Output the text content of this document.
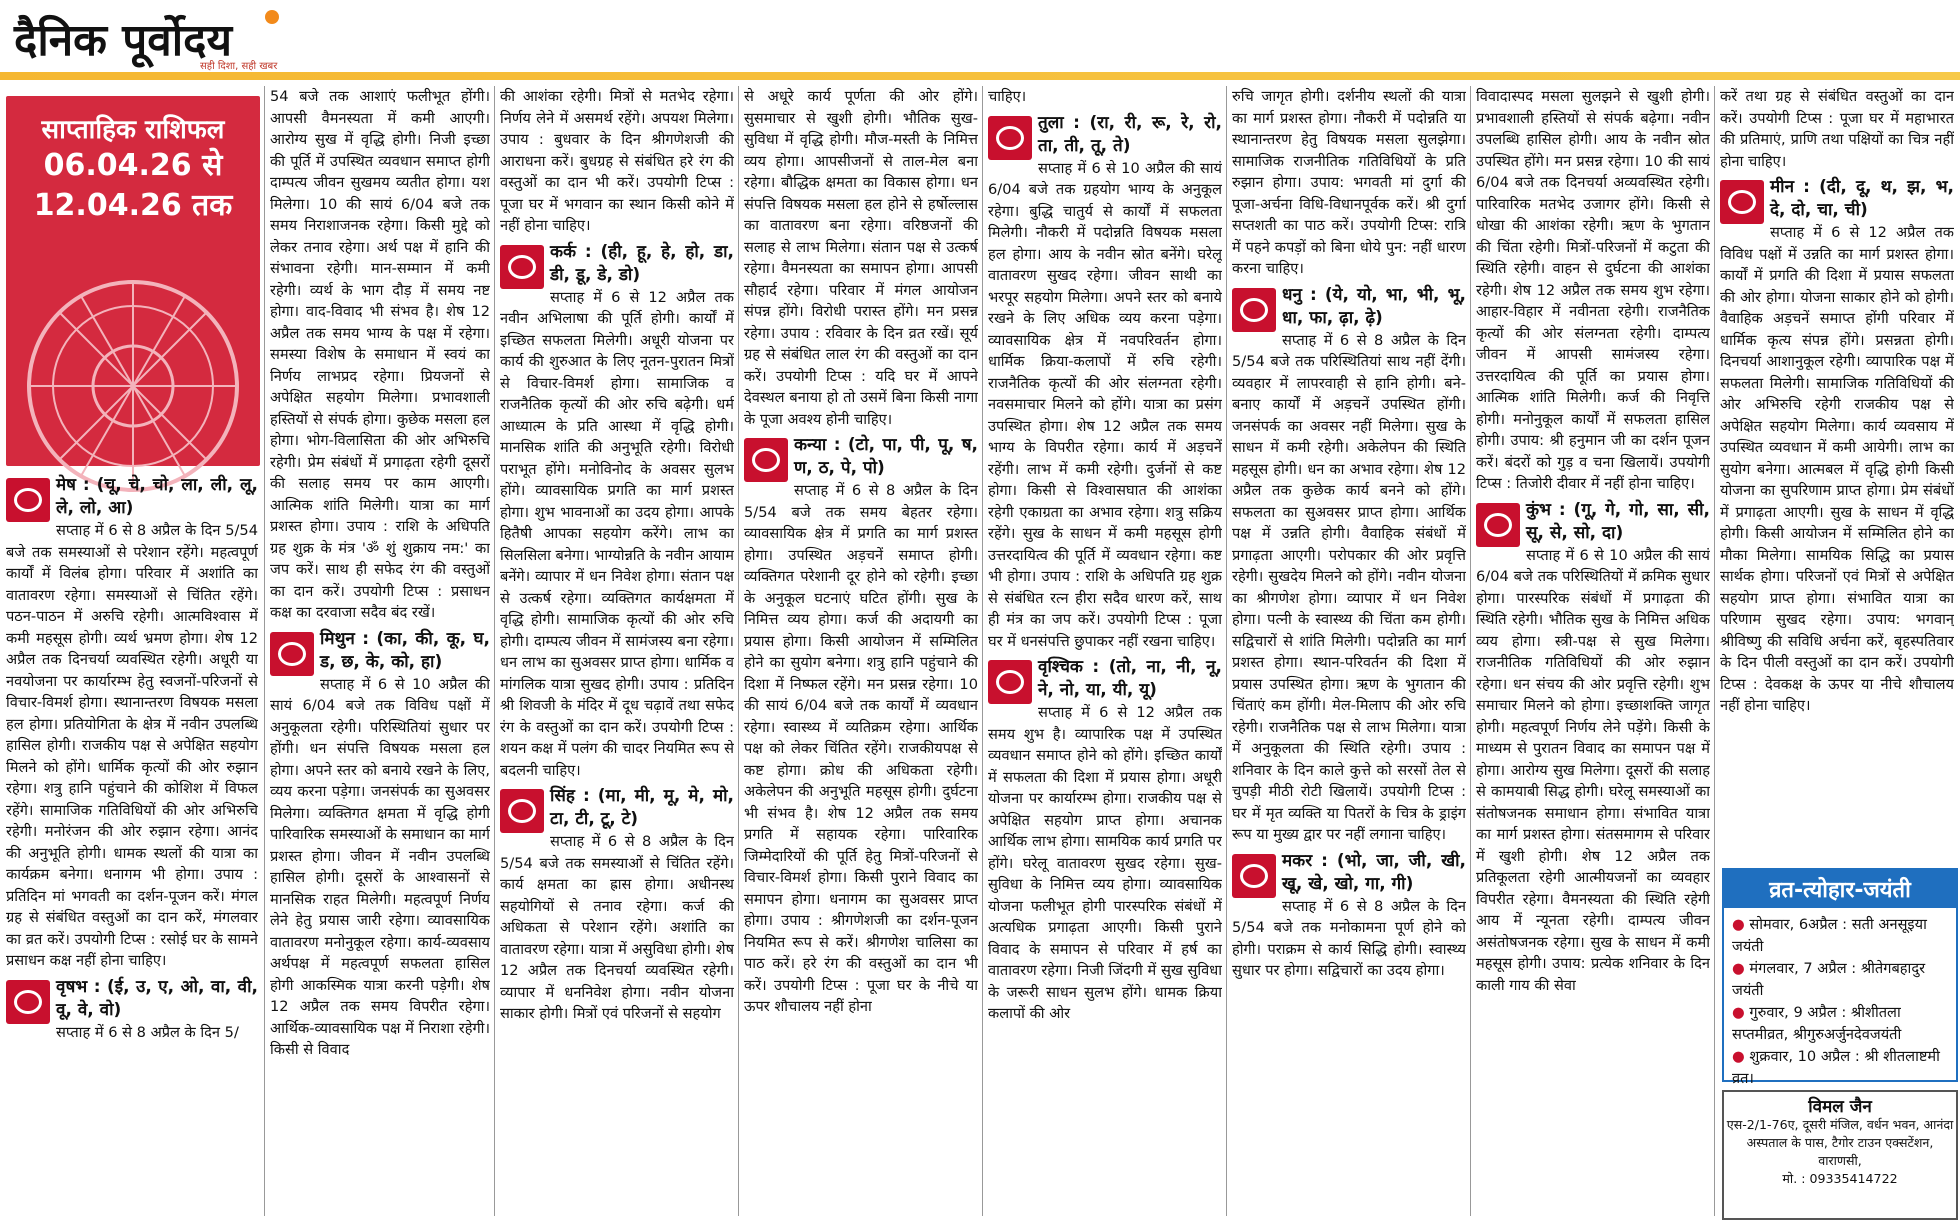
दैनिक पूर्वोदय
सही दिशा, सही खबर
साप्ताहिक राशिफल
06.04.26 से
12.04.26 तक
मेष : (चू, चे, चो, ला, ली, लू, ले, लो, आ)

सप्ताह में 6 से 8 अप्रैल के दिन 5/54 बजे तक समस्याओं से परेशान रहेंगे। महत्वपूर्ण कार्यों में विलंब होगा। परिवार में अशांति का वातावरण रहेगा। समस्याओं से चिंतित रहेंगे। पठन-पाठन में अरुचि रहेगी। आत्मविश्वास में कमी महसूस होगी। व्यर्थ भ्रमण होगा। शेष 12 अप्रैल तक दिनचर्या व्यवस्थित रहेगी। अधूरी या नवयोजना पर कार्यारम्भ हेतु स्वजनों-परिजनों से विचार-विमर्श होगा। स्थानान्तरण विषयक मसला हल होगा। प्रतियोगिता के क्षेत्र में नवीन उपलब्धि हासिल होगी। राजकीय पक्ष से अपेक्षित सहयोग मिलने को होंगे। धार्मिक कृत्यों की ओर रुझान रहेगा। शत्रु हानि पहुंचाने की कोशिश में विफल रहेंगे। सामाजिक गतिविधियों की ओर अभिरुचि रहेगी। मनोरंजन की ओर रुझान रहेगा। आनंद की अनुभूति होगी। धामक स्थलों की यात्रा का कार्यक्रम बनेगा। धनागम भी होगा। उपाय : प्रतिदिन मां भगवती का दर्शन-पूजन करें। मंगल ग्रह से संबंधित वस्तुओं का दान करें, मंगलवार का व्रत करें। उपयोगी टिप्स : रसोई घर के सामने प्रसाधन कक्ष नहीं होना चाहिए।

वृषभ : (ई, उ, ए, ओ, वा, वी, वू, वे, वो)

सप्ताह में 6 से 8 अप्रैल के दिन 5/

54 बजे तक आशाएं फलीभूत होंगी। आपसी वैमनस्यता में कमी आएगी। आरोग्य सुख में वृद्धि होगी। निजी इच्छा की पूर्ति में उपस्थित व्यवधान समाप्त होगी दाम्पत्य जीवन सुखमय व्यतीत होगा। यश मिलेगा। 10 की सायं 6/04 बजे तक समय निराशाजनक रहेगा। किसी मुद्दे को लेकर तनाव रहेगा। अर्थ पक्ष में हानि की संभावना रहेगी। मान-सम्मान में कमी रहेगी। व्यर्थ के भाग दौड़ में समय नष्ट होगा। वाद-विवाद भी संभव है। शेष 12 अप्रैल तक समय भाग्य के पक्ष में रहेगा। समस्या विशेष के समाधान में स्वयं का निर्णय लाभप्रद रहेगा। प्रियजनों से अपेक्षित सहयोग मिलेगा। प्रभावशाली हस्तियों से संपर्क होगा। कुछेक मसला हल होगा। भोग-विलासिता की ओर अभिरुचि रहेगी। प्रेम संबंधों में प्रगाढ़ता रहेगी दूसरों की सलाह समय पर काम आएगी। आत्मिक शांति मिलेगी। यात्रा का मार्ग प्रशस्त होगा। उपाय : राशि के अधिपति ग्रह शुक्र के मंत्र 'ॐ शुं शुक्राय नम:' का जप करें। साथ ही सफेद रंग की वस्तुओं का दान करें। उपयोगी टिप्स : प्रसाधन कक्ष का दरवाजा सदैव बंद रखें।

मिथुन : (का, की, कू, घ, ड, छ, के, को, हा)

सप्ताह में 6 से 10 अप्रैल की सायं 6/04 बजे तक विविध पक्षों में अनुकूलता रहेगी। परिस्थितियां सुधार पर होंगी। धन संपत्ति विषयक मसला हल होगा। अपने स्तर को बनाये रखने के लिए, व्यय करना पड़ेगा। जनसंपर्क का सुअवसर मिलेगा। व्यक्तिगत क्षमता में वृद्धि होगी पारिवारिक समस्याओं के समाधान का मार्ग प्रशस्त होगा। जीवन में नवीन उपलब्धि हासिल होगी। दूसरों के आश्वासनों से मानसिक राहत मिलेगी। महत्वपूर्ण निर्णय लेने हेतु प्रयास जारी रहेगा। व्यावसायिक वातावरण मनोनुकूल रहेगा। कार्य-व्यवसाय अर्थपक्ष में महत्वपूर्ण सफलता हासिल होगी आकस्मिक यात्रा करनी पड़ेगी। शेष 12 अप्रैल तक समय विपरीत रहेगा। आर्थिक-व्यावसायिक पक्ष में निराशा रहेगी। किसी से विवाद

की आशंका रहेगी। मित्रों से मतभेद रहेगा। निर्णय लेने में असमर्थ रहेंगे। अपयश मिलेगा। उपाय : बुधवार के दिन श्रीगणेशजी की आराधना करें। बुधग्रह से संबंधित हरे रंग की वस्तुओं का दान भी करें। उपयोगी टिप्स : पूजा घर में भगवान का स्थान किसी कोने में नहीं होना चाहिए।

कर्क : (ही, हू, हे, हो, डा, डी, डू, डे, डो)

सप्ताह में 6 से 12 अप्रैल तक नवीन अभिलाषा की पूर्ति होगी। कार्यों में इच्छित सफलता मिलेगी। अधूरी योजना पर कार्य की शुरुआत के लिए नूतन-पुरातन मित्रों से विचार-विमर्श होगा। सामाजिक व राजनैतिक कृत्यों की ओर रुचि बढ़ेगी। धर्म आध्यात्म के प्रति आस्था में वृद्धि होगी। मानसिक शांति की अनुभूति रहेगी। विरोधी पराभूत होंगे। मनोविनोद के अवसर सुलभ होंगे। व्यावसायिक प्रगति का मार्ग प्रशस्त होगा। शुभ भावनाओं का उदय होगा। आपके हितैषी आपका सहयोग करेंगे। लाभ का सिलसिला बनेगा। भाग्योन्नति के नवीन आयाम बनेंगे। व्यापार में धन निवेश होगा। संतान पक्ष से उत्कर्ष रहेगा। व्यक्तिगत कार्यक्षमता में वृद्धि होगी। सामाजिक कृत्यों की ओर रुचि होगी। दाम्पत्य जीवन में सामंजस्य बना रहेगा। धन लाभ का सुअवसर प्राप्त होगा। धार्मिक व मांगलिक यात्रा सुखद होगी। उपाय : प्रतिदिन श्री शिवजी के मंदिर में दूध चढ़ावें तथा सफेद रंग के वस्तुओं का दान करें। उपयोगी टिप्स : शयन कक्ष में पलंग की चादर नियमित रूप से बदलनी चाहिए।

सिंह : (मा, मी, मू, मे, मो, टा, टी, टू, टे)

सप्ताह में 6 से 8 अप्रैल के दिन 5/54 बजे तक समस्याओं से चिंतित रहेंगे। कार्य क्षमता का ह्रास होगा। अधीनस्थ सहयोगियों से तनाव रहेगा। कर्ज की अधिकता से परेशान रहेंगे। अशांति का वातावरण रहेगा। यात्रा में असुविधा होगी। शेष 12 अप्रैल तक दिनचर्या व्यवस्थित रहेगी। व्यापार में धननिवेश होगा। नवीन योजना साकार होगी। मित्रों एवं परिजनों से सहयोग

से अधूरे कार्य पूर्णता की ओर होंगे। सुसमाचार से खुशी होगी। भौतिक सुख-सुविधा में वृद्धि होगी। मौज-मस्ती के निमित्त व्यय होगा। आपसीजनों से ताल-मेल बना रहेगा। बौद्धिक क्षमता का विकास होगा। धन संपत्ति विषयक मसला हल होने से हर्षोल्लास का वातावरण बना रहेगा। वरिष्ठजनों की सलाह से लाभ मिलेगा। संतान पक्ष से उत्कर्ष रहेगा। वैमनस्यता का समापन होगा। आपसी सौहार्द रहेगा। परिवार में मंगल आयोजन संपन्न होंगे। विरोधी परास्त होंगे। मन प्रसन्न रहेगा। उपाय : रविवार के दिन व्रत रखें। सूर्य ग्रह से संबंधित लाल रंग की वस्तुओं का दान करें। उपयोगी टिप्स : यदि घर में आपने देवस्थल बनाया हो तो उसमें बिना किसी नागा के पूजा अवश्य होनी चाहिए।

कन्या : (टो, पा, पी, पू, ष, ण, ठ, पे, पो)

सप्ताह में 6 से 8 अप्रैल के दिन 5/54 बजे तक समय बेहतर रहेगा। व्यावसायिक क्षेत्र में प्रगति का मार्ग प्रशस्त होगा। उपस्थित अड़चनें समाप्त होगी। व्यक्तिगत परेशानी दूर होने को रहेगी। इच्छा के अनुकूल घटनाएं घटित होंगी। सुख के निमित्त व्यय होगा। कर्ज की अदायगी का प्रयास होगा। किसी आयोजन में सम्मिलित होने का सुयोग बनेगा। शत्रु हानि पहुंचाने की दिशा में निष्फल रहेंगे। मन प्रसन्न रहेगा। 10 की सायं 6/04 बजे तक कार्यों में व्यवधान रहेगा। स्वास्थ्य में व्यतिक्रम रहेगा। आर्थिक पक्ष को लेकर चिंतित रहेंगे। राजकीयपक्ष से कष्ट होगा। क्रोध की अधिकता रहेगी। अकेलेपन की अनुभूति महसूस होगी। दुर्घटना भी संभव है। शेष 12 अप्रैल तक समय प्रगति में सहायक रहेगा। पारिवारिक जिम्मेदारियों की पूर्ति हेतु मित्रों-परिजनों से विचार-विमर्श होगा। किसी पुराने विवाद का समापन होगा। धनागम का सुअवसर प्राप्त होगा। उपाय : श्रीगणेशजी का दर्शन-पूजन नियमित रूप से करें। श्रीगणेश चालिसा का पाठ करें। हरे रंग की वस्तुओं का दान भी करें। उपयोगी टिप्स : पूजा घर के नीचे या ऊपर शौचालय नहीं होना

चाहिए।

तुला : (रा, री, रू, रे, रो, ता, ती, तू, ते)

सप्ताह में 6 से 10 अप्रैल की सायं 6/04 बजे तक ग्रहयोग भाग्य के अनुकूल रहेगा। बुद्धि चातुर्य से कार्यों में सफलता मिलेगी। नौकरी में पदोन्नति विषयक मसला हल होगा। आय के नवीन स्रोत बनेंगे। घरेलू वातावरण सुखद रहेगा। जीवन साथी का भरपूर सहयोग मिलेगा। अपने स्तर को बनाये रखने के लिए अधिक व्यय करना पड़ेगा। व्यावसायिक क्षेत्र में नवपरिवर्तन होगा। धार्मिक क्रिया-कलापों में रुचि रहेगी। राजनैतिक कृत्यों की ओर संलग्नता रहेगी। नवसमाचार मिलने को होंगे। यात्रा का प्रसंग उपस्थित होगा। शेष 12 अप्रैल तक समय भाग्य के विपरीत रहेगा। कार्य में अड़चनें रहेंगी। लाभ में कमी रहेगी। दुर्जनों से कष्ट होगा। किसी से विश्वासघात की आशंका रहेगी एकाग्रता का अभाव रहेगा। शत्रु सक्रिय रहेंगे। सुख के साधन में कमी महसूस होगी उत्तरदायित्व की पूर्ति में व्यवधान रहेगा। कष्ट भी होगा। उपाय : राशि के अधिपति ग्रह शुक्र से संबंधित रत्न हीरा सदैव धारण करें, साथ ही मंत्र का जप करें। उपयोगी टिप्स : पूजा घर में धनसंपत्ति छुपाकर नहीं रखना चाहिए।

वृश्चिक : (तो, ना, नी, नू, ने, नो, या, यी, यू)

सप्ताह में 6 से 12 अप्रैल तक समय शुभ है। व्यापारिक पक्ष में उपस्थित व्यवधान समाप्त होने को होंगे। इच्छित कार्यों में सफलता की दिशा में प्रयास होगा। अधूरी योजना पर कार्यारम्भ होगा। राजकीय पक्ष से अपेक्षित सहयोग प्राप्त होगा। अचानक आर्थिक लाभ होगा। सामयिक कार्य प्रगति पर होंगे। घरेलू वातावरण सुखद रहेगा। सुख-सुविधा के निमित्त व्यय होगा। व्यावसायिक योजना फलीभूत होगी पारस्परिक संबंधों में अत्यधिक प्रगाढ़ता आएगी। किसी पुराने विवाद के समापन से परिवार में हर्ष का वातावरण रहेगा। निजी जिंदगी में सुख सुविधा के जरूरी साधन सुलभ होंगे। धामक क्रिया कलापों की ओर

रुचि जागृत होगी। दर्शनीय स्थलों की यात्रा का मार्ग प्रशस्त होगा। नौकरी में पदोन्नति या स्थानान्तरण हेतु विषयक मसला सुलझेगा। सामाजिक राजनीतिक गतिविधियों के प्रति रुझान होगा। उपाय: भगवती मां दुर्गा की पूजा-अर्चना विधि-विधानपूर्वक करें। श्री दुर्गा सप्तशती का पाठ करें। उपयोगी टिप्स: रात्रि में पहने कपड़ों को बिना धोये पुन: नहीं धारण करना चाहिए।

धनु : (ये, यो, भा, भी, भू, धा, फा, ढ़ा, ढ़े)

सप्ताह में 6 से 8 अप्रैल के दिन 5/54 बजे तक परिस्थितियां साथ नहीं देंगी। व्यवहार में लापरवाही से हानि होगी। बने-बनाए कार्यों में अड़चनें उपस्थित होंगी। जनसंपर्क का अवसर नहीं मिलेगा। सुख के साधन में कमी रहेगी। अकेलेपन की स्थिति महसूस होगी। धन का अभाव रहेगा। शेष 12 अप्रैल तक कुछेक कार्य बनने को होंगे। सफलता का सुअवसर प्राप्त होगा। आर्थिक पक्ष में उन्नति होगी। वैवाहिक संबंधों में प्रगाढ़ता आएगी। परोपकार की ओर प्रवृत्ति रहेगी। सुखदेय मिलने को होंगे। नवीन योजना का श्रीगणेश होगा। व्यापार में धन निवेश होगा। पत्नी के स्वास्थ्य की चिंता कम होगी। सद्विचारों से शांति मिलेगी। पदोन्नति का मार्ग प्रशस्त होगा। स्थान-परिवर्तन की दिशा में प्रयास उपस्थित होगा। ऋण के भुगतान की चिंताएं कम होंगी। मेल-मिलाप की ओर रुचि रहेगी। राजनैतिक पक्ष से लाभ मिलेगा। यात्रा में अनुकूलता की स्थिति रहेगी। उपाय : शनिवार के दिन काले कुत्ते को सरसों तेल से चुपड़ी मीठी रोटी खिलायें। उपयोगी टिप्स : घर में मृत व्यक्ति या पितरों के चित्र के ड्राइंग रूप या मुख्य द्वार पर नहीं लगाना चाहिए।

मकर : (भो, जा, जी, खी, खू, खे, खो, गा, गी)

सप्ताह में 6 से 8 अप्रैल के दिन 5/54 बजे तक मनोकामना पूर्ण होने को होगी। पराक्रम से कार्य सिद्धि होगी। स्वास्थ्य सुधार पर होगा। सद्विचारों का उदय होगा।

विवादास्पद मसला सुलझने से खुशी होगी। प्रभावशाली हस्तियों से संपर्क बढ़ेगा। नवीन उपलब्धि हासिल होगी। आय के नवीन स्रोत उपस्थित होंगे। मन प्रसन्न रहेगा। 10 की सायं 6/04 बजे तक दिनचर्या अव्यवस्थित रहेगी। पारिवारिक मतभेद उजागर होंगे। किसी से धोखा की आशंका रहेगी। ऋण के भुगतान की चिंता रहेगी। मित्रों-परिजनों में कटुता की स्थिति रहेगी। वाहन से दुर्घटना की आशंका रहेगी। शेष 12 अप्रैल तक समय शुभ रहेगा। आहार-विहार में नवीनता रहेगी। राजनैतिक कृत्यों की ओर संलग्नता रहेगी। दाम्पत्य जीवन में आपसी सामंजस्य रहेगा। उत्तरदायित्व की पूर्ति का प्रयास होगा। आत्मिक शांति मिलेगी। कर्ज की निवृत्ति होगी। मनोनुकूल कार्यों में सफलता हासिल होगी। उपाय: श्री हनुमान जी का दर्शन पूजन करें। बंदरों को गुड़ व चना खिलायें। उपयोगी टिप्स : तिजोरी दीवार में नहीं होना चाहिए।

कुंभ : (गू, गे, गो, सा, सी, सू, से, सो, दा)

सप्ताह में 6 से 10 अप्रैल की सायं 6/04 बजे तक परिस्थितियों में क्रमिक सुधार होगा। पारस्परिक संबंधों में प्रगाढ़ता की स्थिति रहेगी। भौतिक सुख के निमित्त अधिक व्यय होगा। स्त्री-पक्ष से सुख मिलेगा। राजनीतिक गतिविधियों की ओर रुझान रहेगा। धन संचय की ओर प्रवृत्ति रहेगी। शुभ समाचार मिलने को होगा। इच्छाशक्ति जागृत होगी। महत्वपूर्ण निर्णय लेने पड़ेंगे। किसी के माध्यम से पुरातन विवाद का समापन पक्ष में होगा। आरोग्य सुख मिलेगा। दूसरों की सलाह से कामयाबी सिद्ध होगी। घरेलू समस्याओं का संतोषजनक समाधान होगा। संभावित यात्रा का मार्ग प्रशस्त होगा। संतसमागम से परिवार में खुशी होगी। शेष 12 अप्रैल तक प्रतिकूलता रहेगी आत्मीयजनों का व्यवहार विपरीत रहेगा। वैमनस्यता की स्थिति रहेगी आय में न्यूनता रहेगी। दाम्पत्य जीवन असंतोषजनक रहेगा। सुख के साधन में कमी महसूस होगी। उपाय: प्रत्येक शनिवार के दिन काली गाय की सेवा

करें तथा ग्रह से संबंधित वस्तुओं का दान करें। उपयोगी टिप्स : पूजा घर में महाभारत की प्रतिमाएं, प्राणि तथा पक्षियों का चित्र नहीं होना चाहिए।

मीन : (दी, दू, थ, झ, भ, दे, दो, चा, ची)

सप्ताह में 6 से 12 अप्रैल तक विविध पक्षों में उन्नति का मार्ग प्रशस्त होगा। कार्यों में प्रगति की दिशा में प्रयास सफलता की ओर होगा। योजना साकार होने को होगी। वैवाहिक अड़चनें समाप्त होंगी परिवार में धार्मिक कृत्य संपन्न होंगे। प्रसन्नता होगी। दिनचर्या आशानुकूल रहेगी। व्यापारिक पक्ष में सफलता मिलेगी। सामाजिक गतिविधियों की ओर अभिरुचि रहेगी राजकीय पक्ष से अपेक्षित सहयोग मिलेगा। कार्य व्यवसाय में उपस्थित व्यवधान में कमी आयेगी। लाभ का सुयोग बनेगा। आत्मबल में वृद्धि होगी किसी योजना का सुपरिणाम प्राप्त होगा। प्रेम संबंधों में प्रगाढ़ता आएगी। सुख के साधन में वृद्धि होगी। किसी आयोजन में सम्मिलित होने का मौका मिलेगा। सामयिक सिद्धि का प्रयास सार्थक होगा। परिजनों एवं मित्रों से अपेक्षित सहयोग प्राप्त होगा। संभावित यात्रा का परिणाम सुखद रहेगा। उपाय: भगवान् श्रीविष्णु की सविधि अर्चना करें, बृहस्पतिवार के दिन पीली वस्तुओं का दान करें। उपयोगी टिप्स : देवकक्ष के ऊपर या नीचे शौचालय नहीं होना चाहिए।

व्रत-त्योहार-जयंती
● सोमवार, 6अप्रैल : सती अनसूइया जयंती
● मंगलवार, 7 अप्रैल : श्रीतेगबहादुर जयंती
● गुरुवार, 9 अप्रैल : श्रीशीतला सप्तमीव्रत, श्रीगुरुअर्जुनदेवजयंती
● शुक्रवार, 10 अप्रैल : श्री शीतलाष्टमी व्रत।
विमल जैन
एस-2/1-76ए, दूसरी मंजिल, वर्धन भवन, आनंदा अस्पताल के पास, टैगोर टाउन एक्सटेंशन, वाराणसी,
मो. : 09335414722
